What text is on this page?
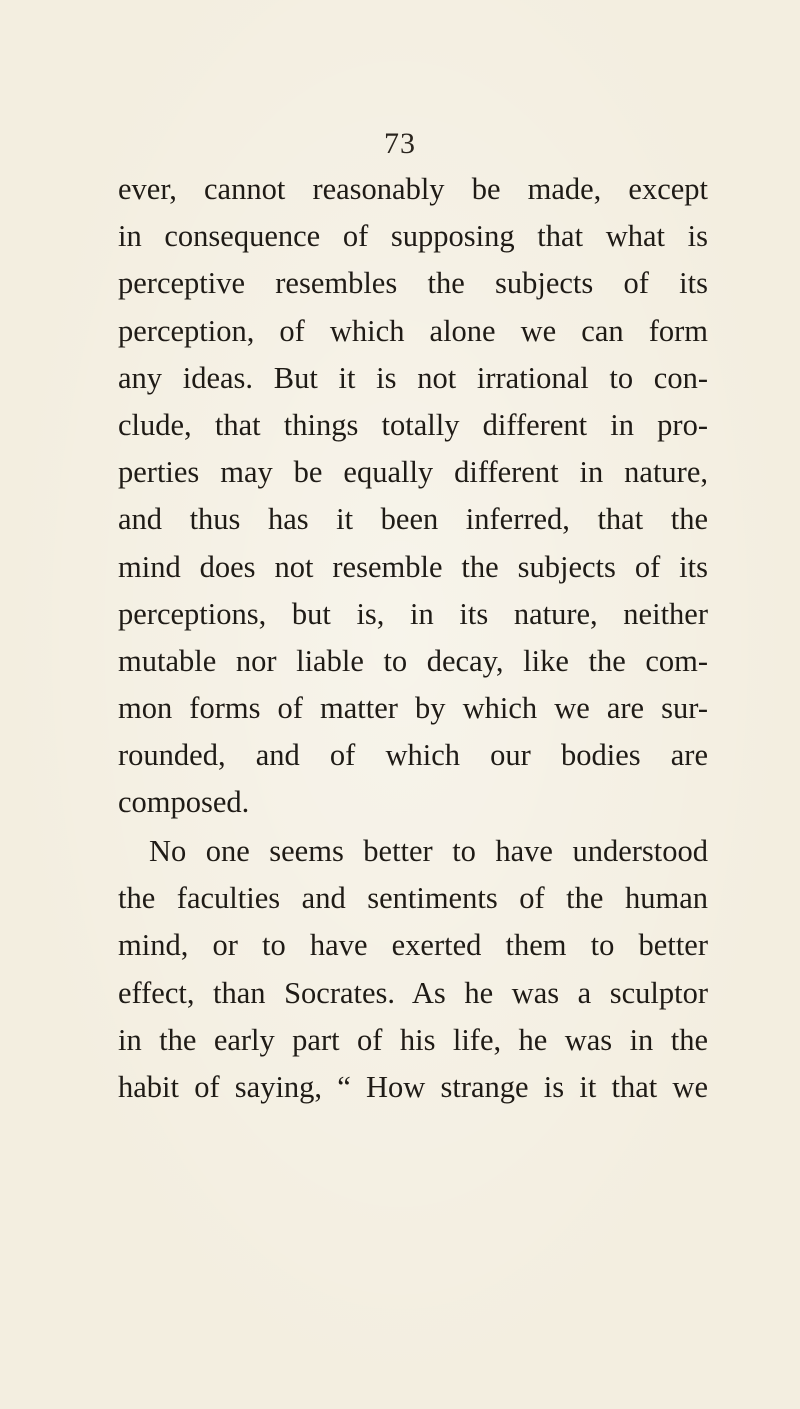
73
ever, cannot reasonably be made, except
in consequence of supposing that what is
perceptive resembles the subjects of its
perception, of which alone we can form
any ideas. But it is not irrational to con-
clude, that things totally different in pro-
perties may be equally different in nature,
and thus has it been inferred, that the
mind does not resemble the subjects of its
perceptions, but is, in its nature, neither
mutable nor liable to decay, like the com-
mon forms of matter by which we are sur-
rounded, and of which our bodies are
composed.
No one seems better to have understood
the faculties and sentiments of the human
mind, or to have exerted them to better
effect, than Socrates. As he was a sculptor
in the early part of his life, he was in the
habit of saying, “ How strange is it that we
